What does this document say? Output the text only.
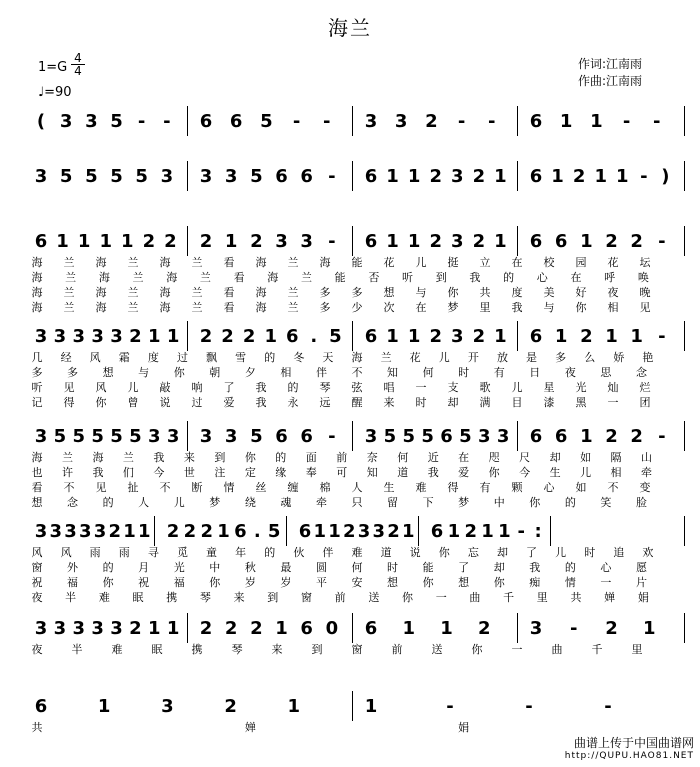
海兰
$1=G \frac{4}{4}$
♩=90
作词:江南雨
作曲:江南雨
( 3 3 5 - - 6 6 5 - - 3 3 2 - - 6 1 1 - -
3 5 5 5 5 3 3 3 5 6 6 - 6 1 1 2 3 2 1 6 1 2 1 1 - )
6 1 1 1 1 2 2 2 1 2 3 3 - 6 1 1 2 3 2 1 6 6 1 2 2 -
海 兰 海 兰 海 兰 看 海 兰 海 能 花 儿 挺 立 在 校 园 花 坛
海 兰 海 兰 海 兰 看 海 兰 能 否 听 到 我 的 心 在 呼 唤
海 兰 海 兰 海 兰 看 海 兰 多 多 想 与 你 共 度 美 好 夜 晚
海 兰 海 兰 海 兰 看 海 兰 多 少 次 在 梦 里 我 与 你 相 见
3 3 3 3 3 2 1 1 2 2 2 1 6 . 5 6 1 1 2 3 2 1 6 1 2 1 1 -
几 经 风 霜 度 过 飘 雪 的 冬 天 海 兰 花 儿 开 放 是 多 么 娇 艳
多 多 想 与 你 朝 夕 相 伴 不 知 何 时 有 日 夜 思 念
听 见 风 儿 敲 响 了 我 的 琴 弦 唱 一 支 歌 儿 星 光 灿 烂
记 得 你 曾 说 过 爱 我 永 远 醒 来 时 却 满 目 漆 黑 一 团
3 5 5 5 5 5 3 3 3 3 5 6 6 - 3 5 5 5 6 5 3 3 6 6 1 2 2 -
海 兰 海 兰 我 来 到 你 的 面 前 奈 何 近 在 咫 尺 却 如 隔 山
也 许 我 们 今 世 注 定 缘 奉 可 知 道 我 爱 你 今 生 儿 相 牵
看 不 见 扯 不 断 情 丝 缠 棉 人 生 难 得 有 颗 心 如 不 变
想 念 的 人 儿 梦 绕 魂 牵 只 留 下 梦 中 你 的 笑 脸
3 3 3 3 3 2 1 1 2 2 2 1 6 . 5 6 1 1 2 3 3 2 1 6 1 2 1 1 - :
风 风 雨 雨 寻 觅 童 年 的 伙 伴 难 道 说 你 忘 却 了 儿 时 追 欢
窗 外 的 月 光 中 秋 最 圆 何 时 能 了 却 我 的 心 愿
祝 福 你 祝 福 你 岁 岁 平 安 想 你 想 你 痴 情 一 片
夜 半 难 眠 携 琴 来 到 窗 前 送 你 一 曲 千 里 共 婵 娟
3 3 3 3 3 2 1 1 2 2 2 1 6 0 6 1 1 2 3 - 2 1
夜	半	难	眠	携	琴	来	到	窗	前	送	你	一	曲	千	里
6	1	3	2	1	1	-	-	-
共	婵	娟
曲谱上传于中国曲谱网
http://QUPU.HAO81.NET
